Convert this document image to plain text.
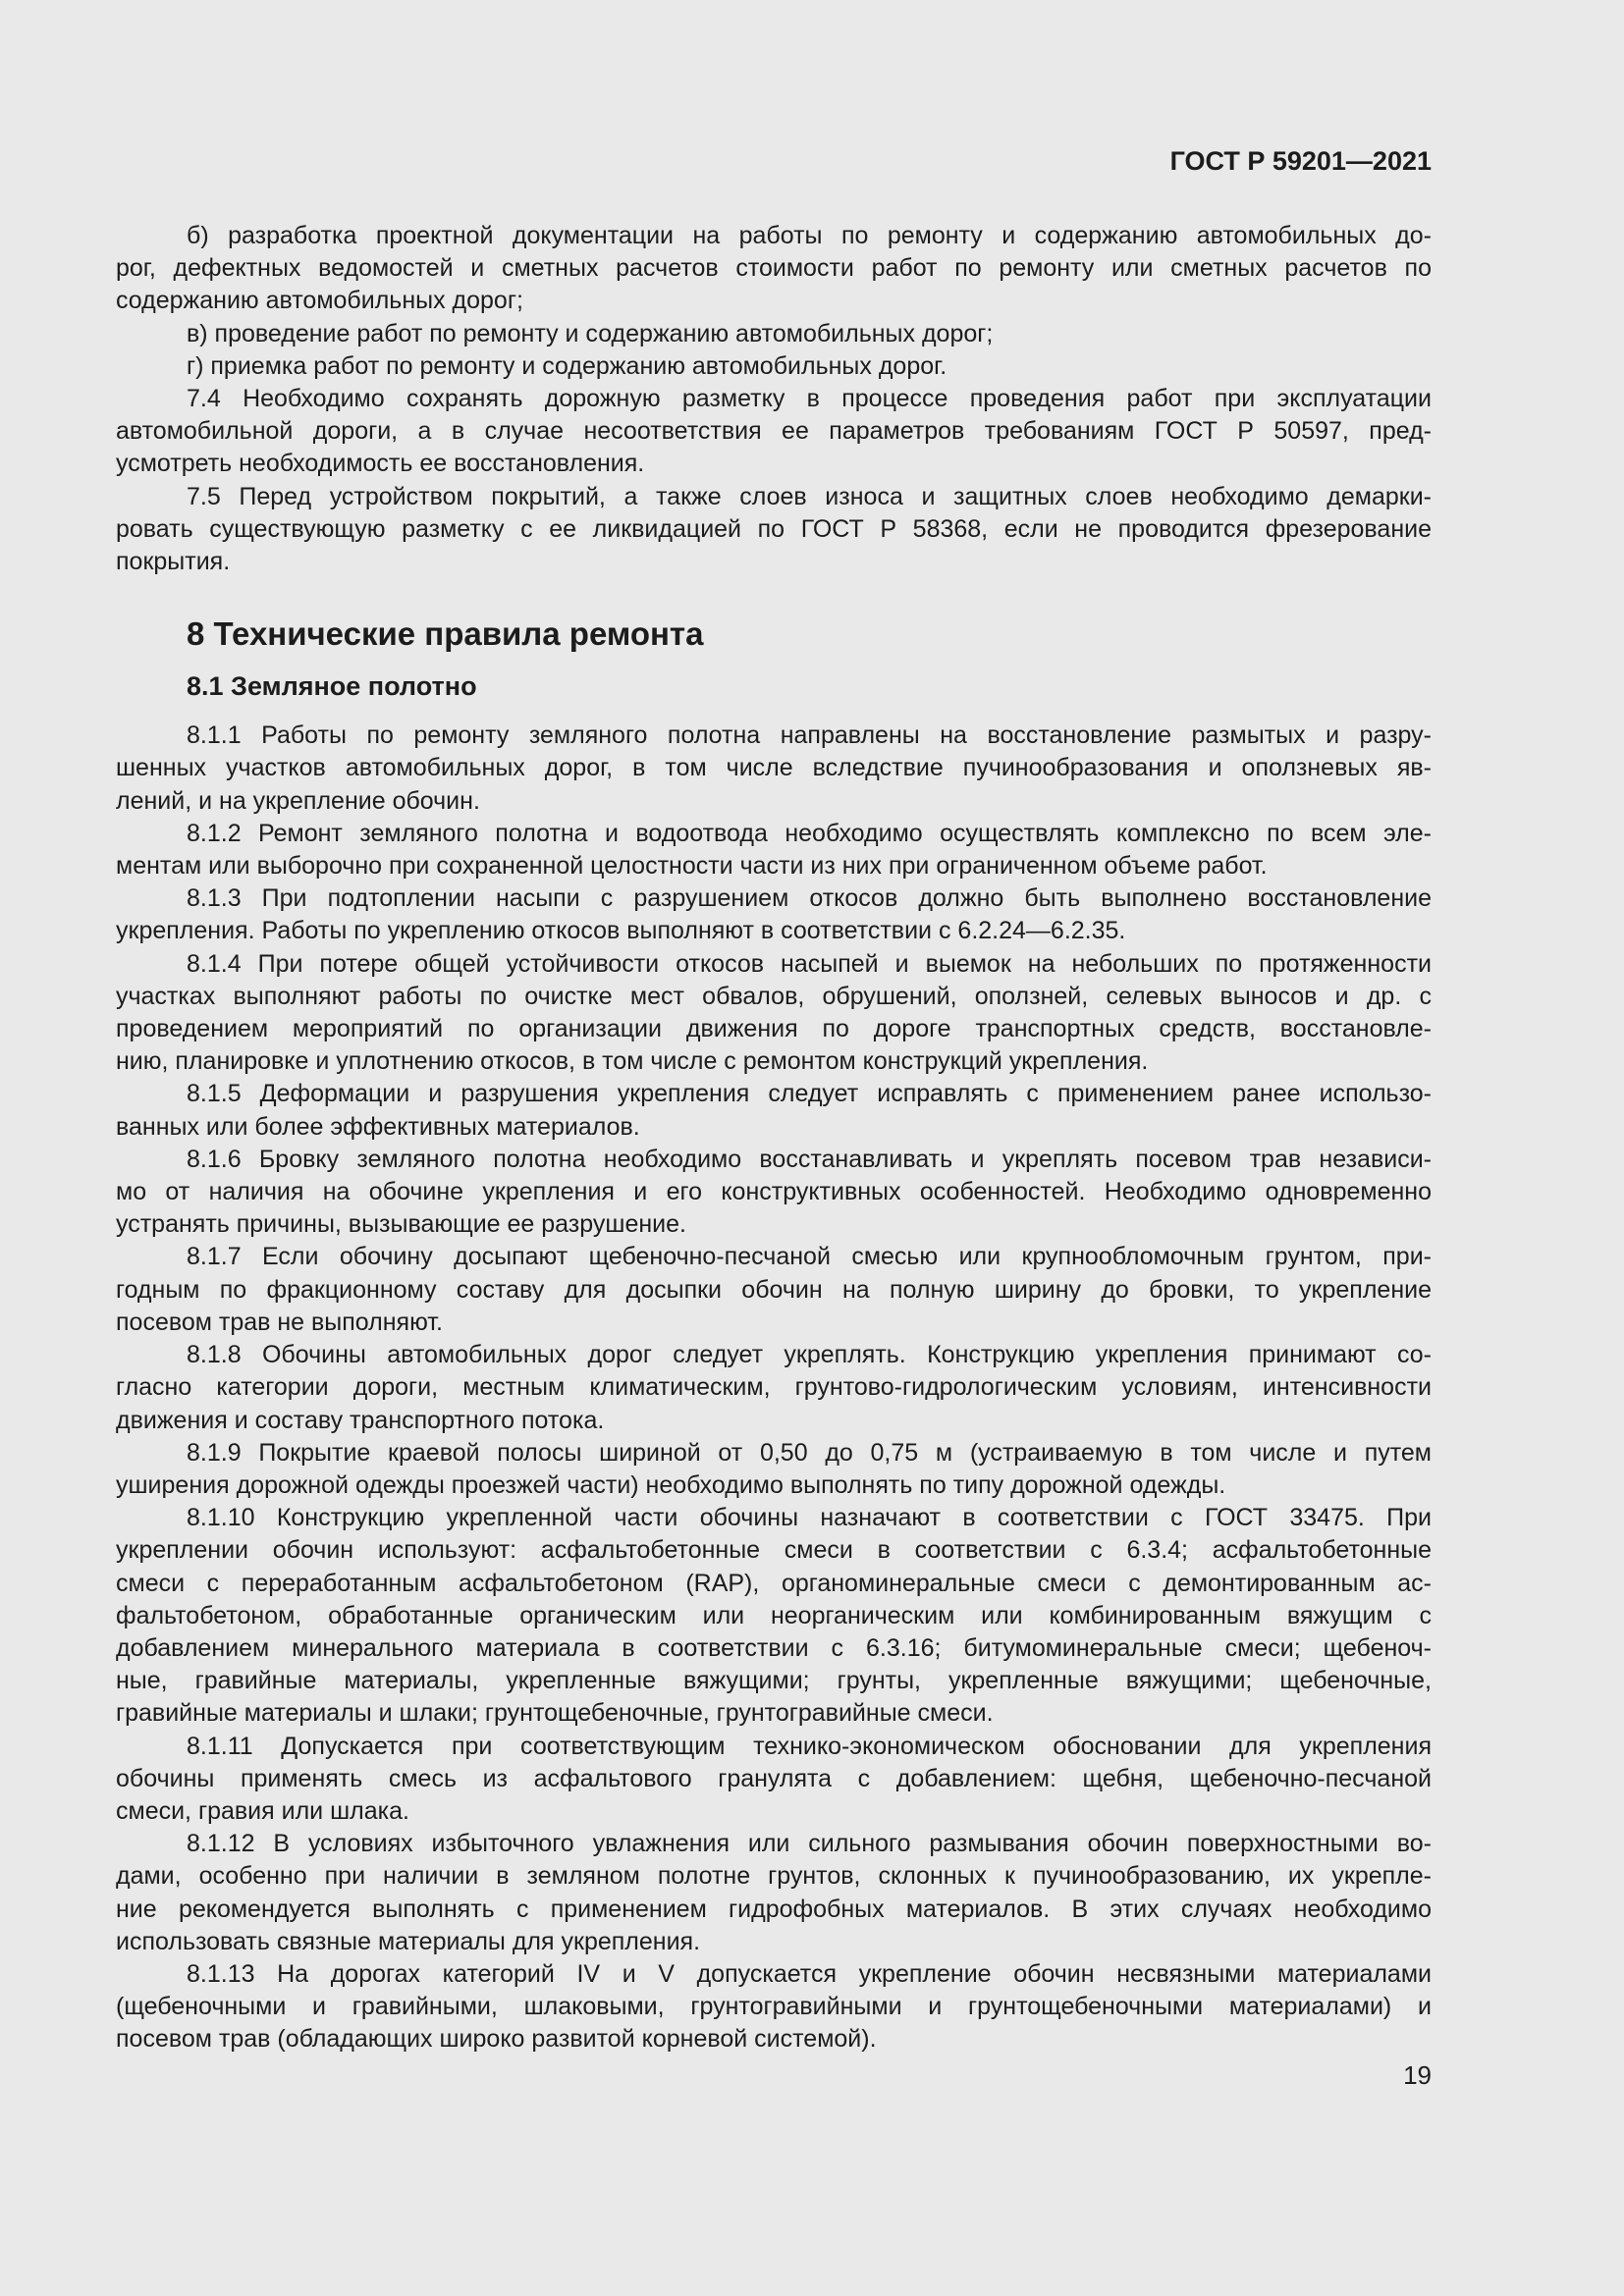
ГОСТ Р 59201—2021
б) разработка проектной документации на работы по ремонту и содержанию автомобильных до-
рог, дефектных ведомостей и сметных расчетов стоимости работ по ремонту или сметных расчетов по
содержанию автомобильных дорог;
в) проведение работ по ремонту и содержанию автомобильных дорог;
г) приемка работ по ремонту и содержанию автомобильных дорог.
7.4 Необходимо сохранять дорожную разметку в процессе проведения работ при эксплуатации
автомобильной дороги, а в случае несоответствия ее параметров требованиям ГОСТ Р 50597, пред-
усмотреть необходимость ее восстановления.
7.5 Перед устройством покрытий, а также слоев износа и защитных слоев необходимо демарки-
ровать существующую разметку с ее ликвидацией по ГОСТ Р 58368, если не проводится фрезерование
покрытия.
8 Технические правила ремонта
8.1 Земляное полотно
8.1.1 Работы по ремонту земляного полотна направлены на восстановление размытых и разру-
шенных участков автомобильных дорог, в том числе вследствие пучинообразования и оползневых яв-
лений, и на укрепление обочин.
8.1.2 Ремонт земляного полотна и водоотвода необходимо осуществлять комплексно по всем эле-
ментам или выборочно при сохраненной целостности части из них при ограниченном объеме работ.
8.1.3 При подтоплении насыпи с разрушением откосов должно быть выполнено восстановление
укрепления. Работы по укреплению откосов выполняют в соответствии с 6.2.24—6.2.35.
8.1.4 При потере общей устойчивости откосов насыпей и выемок на небольших по протяженности
участках выполняют работы по очистке мест обвалов, обрушений, оползней, селевых выносов и др. с
проведением мероприятий по организации движения по дороге транспортных средств, восстановле-
нию, планировке и уплотнению откосов, в том числе с ремонтом конструкций укрепления.
8.1.5 Деформации и разрушения укрепления следует исправлять с применением ранее использо-
ванных или более эффективных материалов.
8.1.6 Бровку земляного полотна необходимо восстанавливать и укреплять посевом трав независи-
мо от наличия на обочине укрепления и его конструктивных особенностей. Необходимо одновременно
устранять причины, вызывающие ее разрушение.
8.1.7 Если обочину досыпают щебеночно-песчаной смесью или крупнообломочным грунтом, при-
годным по фракционному составу для досыпки обочин на полную ширину до бровки, то укрепление
посевом трав не выполняют.
8.1.8 Обочины автомобильных дорог следует укреплять. Конструкцию укрепления принимают со-
гласно категории дороги, местным климатическим, грунтово-гидрологическим условиям, интенсивности
движения и составу транспортного потока.
8.1.9 Покрытие краевой полосы шириной от 0,50 до 0,75 м (устраиваемую в том числе и путем
уширения дорожной одежды проезжей части) необходимо выполнять по типу дорожной одежды.
8.1.10 Конструкцию укрепленной части обочины назначают в соответствии с ГОСТ 33475. При
укреплении обочин используют: асфальтобетонные смеси в соответствии с 6.3.4; асфальтобетонные
смеси с переработанным асфальтобетоном (RAP), органоминеральные смеси с демонтированным ас-
фальтобетоном, обработанные органическим или неорганическим или комбинированным вяжущим с
добавлением минерального материала в соответствии с 6.3.16; битумоминеральные смеси; щебеноч-
ные, гравийные материалы, укрепленные вяжущими; грунты, укрепленные вяжущими; щебеночные,
гравийные материалы и шлаки; грунтощебеночные, грунтогравийные смеси.
8.1.11 Допускается при соответствующим технико-экономическом обосновании для укрепления
обочины применять смесь из асфальтового гранулята с добавлением: щебня, щебеночно-песчаной
смеси, гравия или шлака.
8.1.12 В условиях избыточного увлажнения или сильного размывания обочин поверхностными во-
дами, особенно при наличии в земляном полотне грунтов, склонных к пучинообразованию, их укрепле-
ние рекомендуется выполнять с применением гидрофобных материалов. В этих случаях необходимо
использовать связные материалы для укрепления.
8.1.13 На дорогах категорий IV и V допускается укрепление обочин несвязными материалами
(щебеночными и гравийными, шлаковыми, грунтогравийными и грунтощебеночными материалами) и
посевом трав (обладающих широко развитой корневой системой).
19
